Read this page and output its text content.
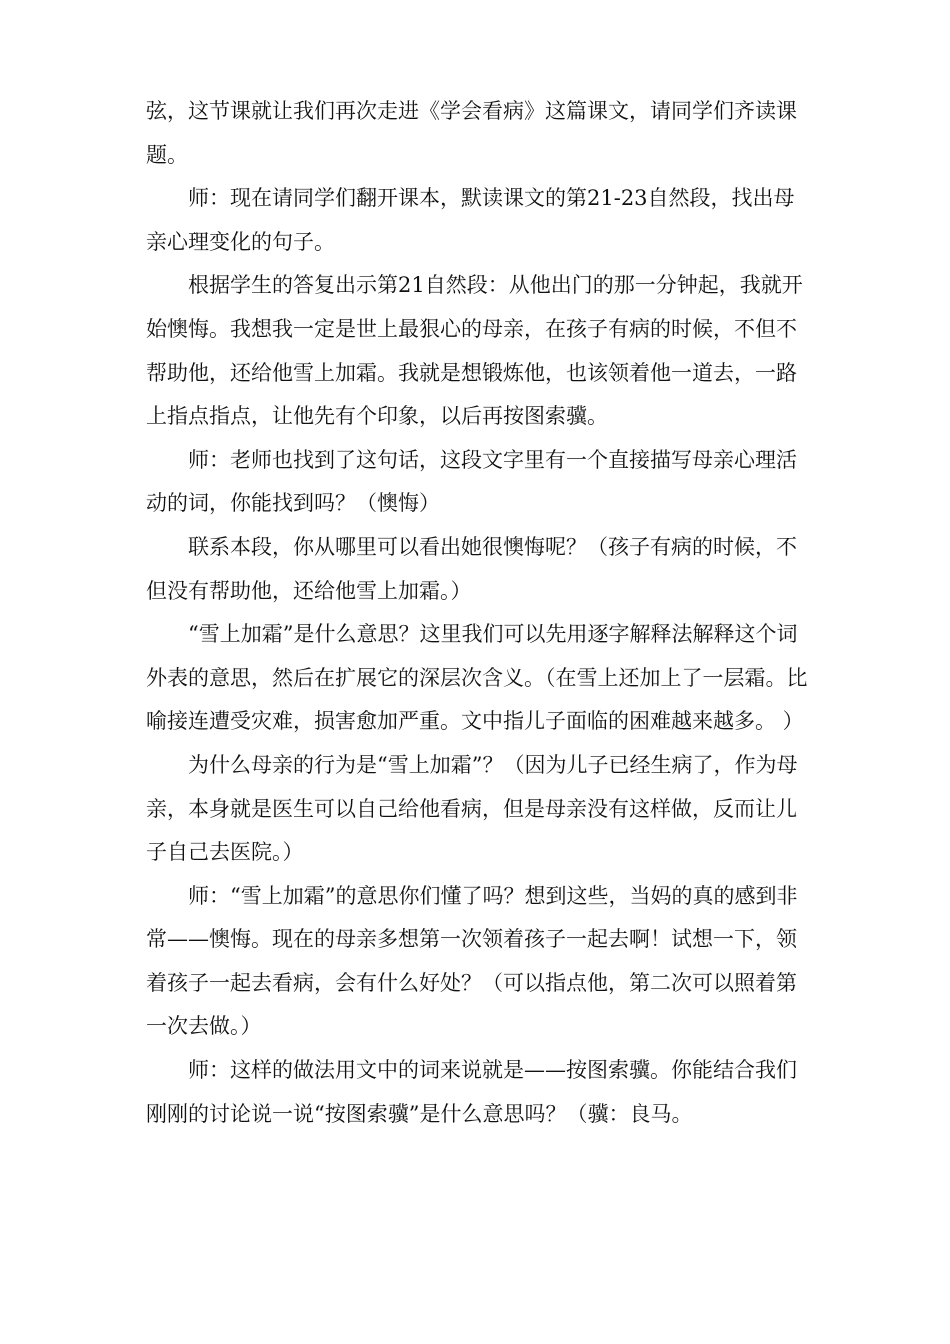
弦，这节课就让我们再次走进《学会看病》这篇课文，请同学们齐读课题。

师：现在请同学们翻开课本，默读课文的第21-23自然段，找出母亲心理变化的句子。

根据学生的答复出示第21自然段：从他出门的那一分钟起，我就开始懊悔。我想我一定是世上最狠心的母亲，在孩子有病的时候，不但不帮助他，还给他雪上加霜。我就是想锻炼他，也该领着他一道去，一路上指点指点，让他先有个印象，以后再按图索骥。

师：老师也找到了这句话，这段文字里有一个直接描写母亲心理活动的词，你能找到吗？（懊悔）

联系本段，你从哪里可以看出她很懊悔呢？（孩子有病的时候，不但没有帮助他，还给他雪上加霜。）

“雪上加霜”是什么意思？这里我们可以先用逐字解释法解释这个词外表的意思，然后在扩展它的深层次含义。（在雪上还加上了一层霜。比喻接连遭受灾难，损害愈加严重。文中指儿子面临的困难越来越多。 ）

为什么母亲的行为是“雪上加霜”？（因为儿子已经生病了，作为母亲，本身就是医生可以自己给他看病，但是母亲没有这样做，反而让儿子自己去医院。）

师：“雪上加霜”的意思你们懂了吗？想到这些，当妈的真的感到非常——懊悔。现在的母亲多想第一次领着孩子一起去啊！试想一下，领着孩子一起去看病，会有什么好处？（可以指点他，第二次可以照着第一次去做。）

师：这样的做法用文中的词来说就是——按图索骥。你能结合我们刚刚的讨论说一说“按图索骥”是什么意思吗？（骥：良马。
